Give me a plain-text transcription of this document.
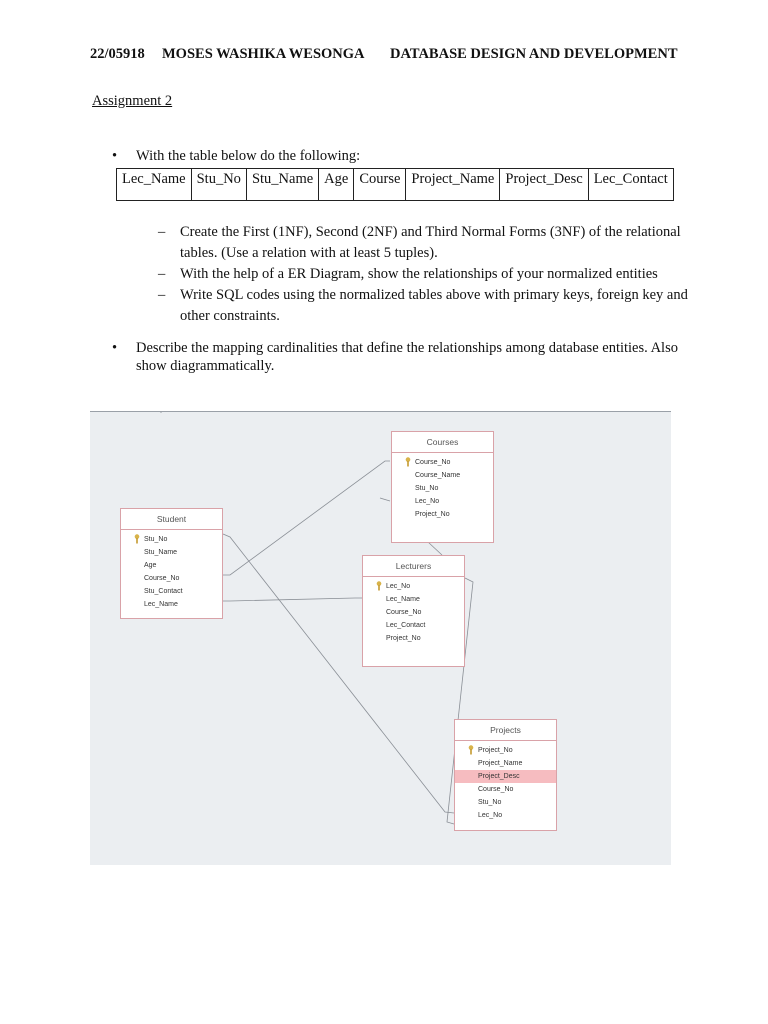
22/05918 MOSES WASHIKA WESONGA DATABASE DESIGN AND DEVELOPMENT
Assignment 2
• With the table below do the following:
Lec_Name	Stu_No	Stu_Name	Age	Course	Project_Name	Project_Desc	Lec_Contact
– Create the First (1NF), Second (2NF) and Third Normal Forms (3NF) of the relational tables. (Use a relation with at least 5 tuples).
– With the help of a ER Diagram, show the relationships of your normalized entities
– Write SQL codes using the normalized tables above with primary keys, foreign key and other constraints.
•	Describe the mapping cardinalities that define the relationships among database entities. Also show diagrammatically.
Courses
Course_No
Course_Name
Stu_No
Lec_No
Project_No
Student
Stu_No
Stu_Name
Age
Course_No
Stu_Contact
Lec_Name
Lecturers
Lec_No
Lec_Name
Course_No
Lec_Contact
Project_No
Projects
Project_No
Project_Name
Project_Desc
Course_No
Stu_No
Lec_No
